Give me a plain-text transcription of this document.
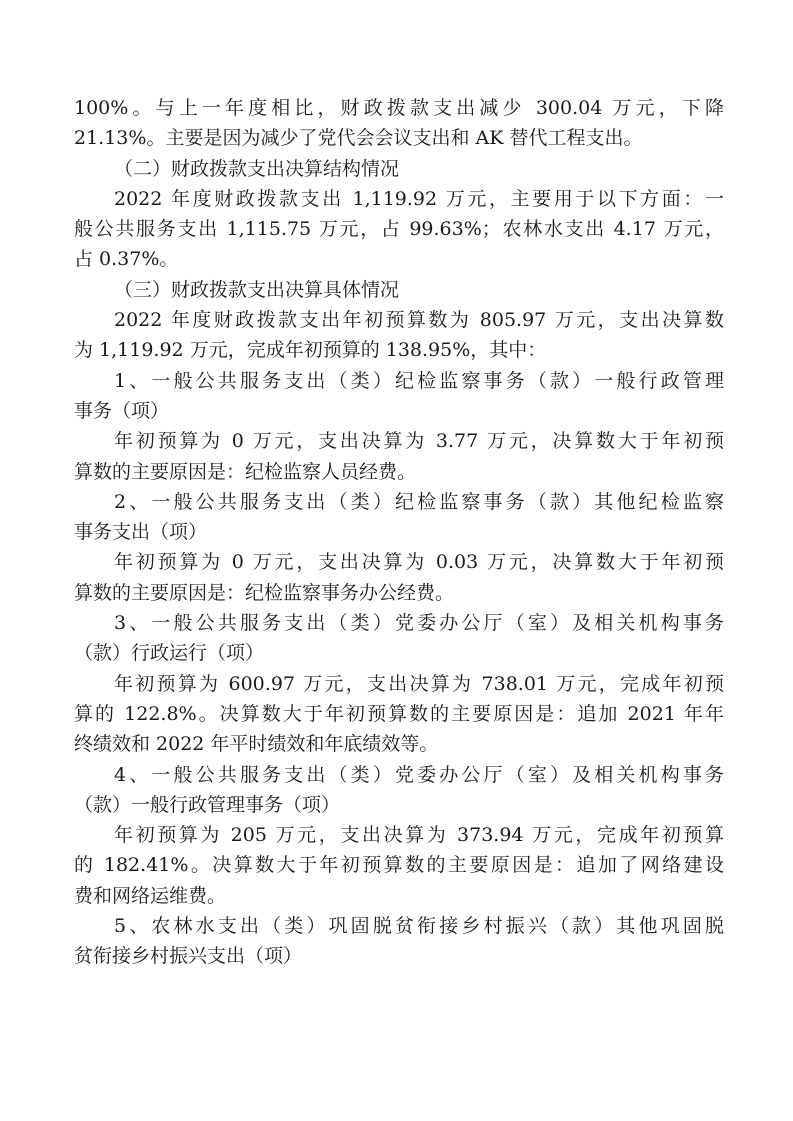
100%。与上一年度相比，财政拨款支出减少 300.04 万元，下降
21.13%。主要是因为减少了党代会会议支出和 AK 替代工程支出。
（二）财政拨款支出决算结构情况
2022 年度财政拨款支出 1,119.92 万元，主要用于以下方面：一
般公共服务支出 1,115.75 万元，占 99.63%；农林水支出 4.17 万元，
占 0.37%。
（三）财政拨款支出决算具体情况
2022 年度财政拨款支出年初预算数为 805.97 万元，支出决算数
为 1,119.92 万元，完成年初预算的 138.95%，其中：
1、一般公共服务支出（类）纪检监察事务（款）一般行政管理
事务（项）
年初预算为 0 万元，支出决算为 3.77 万元，决算数大于年初预
算数的主要原因是：纪检监察人员经费。
2、一般公共服务支出（类）纪检监察事务（款）其他纪检监察
事务支出（项）
年初预算为 0 万元，支出决算为 0.03 万元，决算数大于年初预
算数的主要原因是：纪检监察事务办公经费。
3、一般公共服务支出（类）党委办公厅（室）及相关机构事务
（款）行政运行（项）
年初预算为 600.97 万元，支出决算为 738.01 万元，完成年初预
算的 122.8%。决算数大于年初预算数的主要原因是：追加 2021 年年
终绩效和 2022 年平时绩效和年底绩效等。
4、一般公共服务支出（类）党委办公厅（室）及相关机构事务
（款）一般行政管理事务（项）
年初预算为 205 万元，支出决算为 373.94 万元，完成年初预算
的 182.41%。决算数大于年初预算数的主要原因是：追加了网络建设
费和网络运维费。
5、农林水支出（类）巩固脱贫衔接乡村振兴（款）其他巩固脱
贫衔接乡村振兴支出（项）
